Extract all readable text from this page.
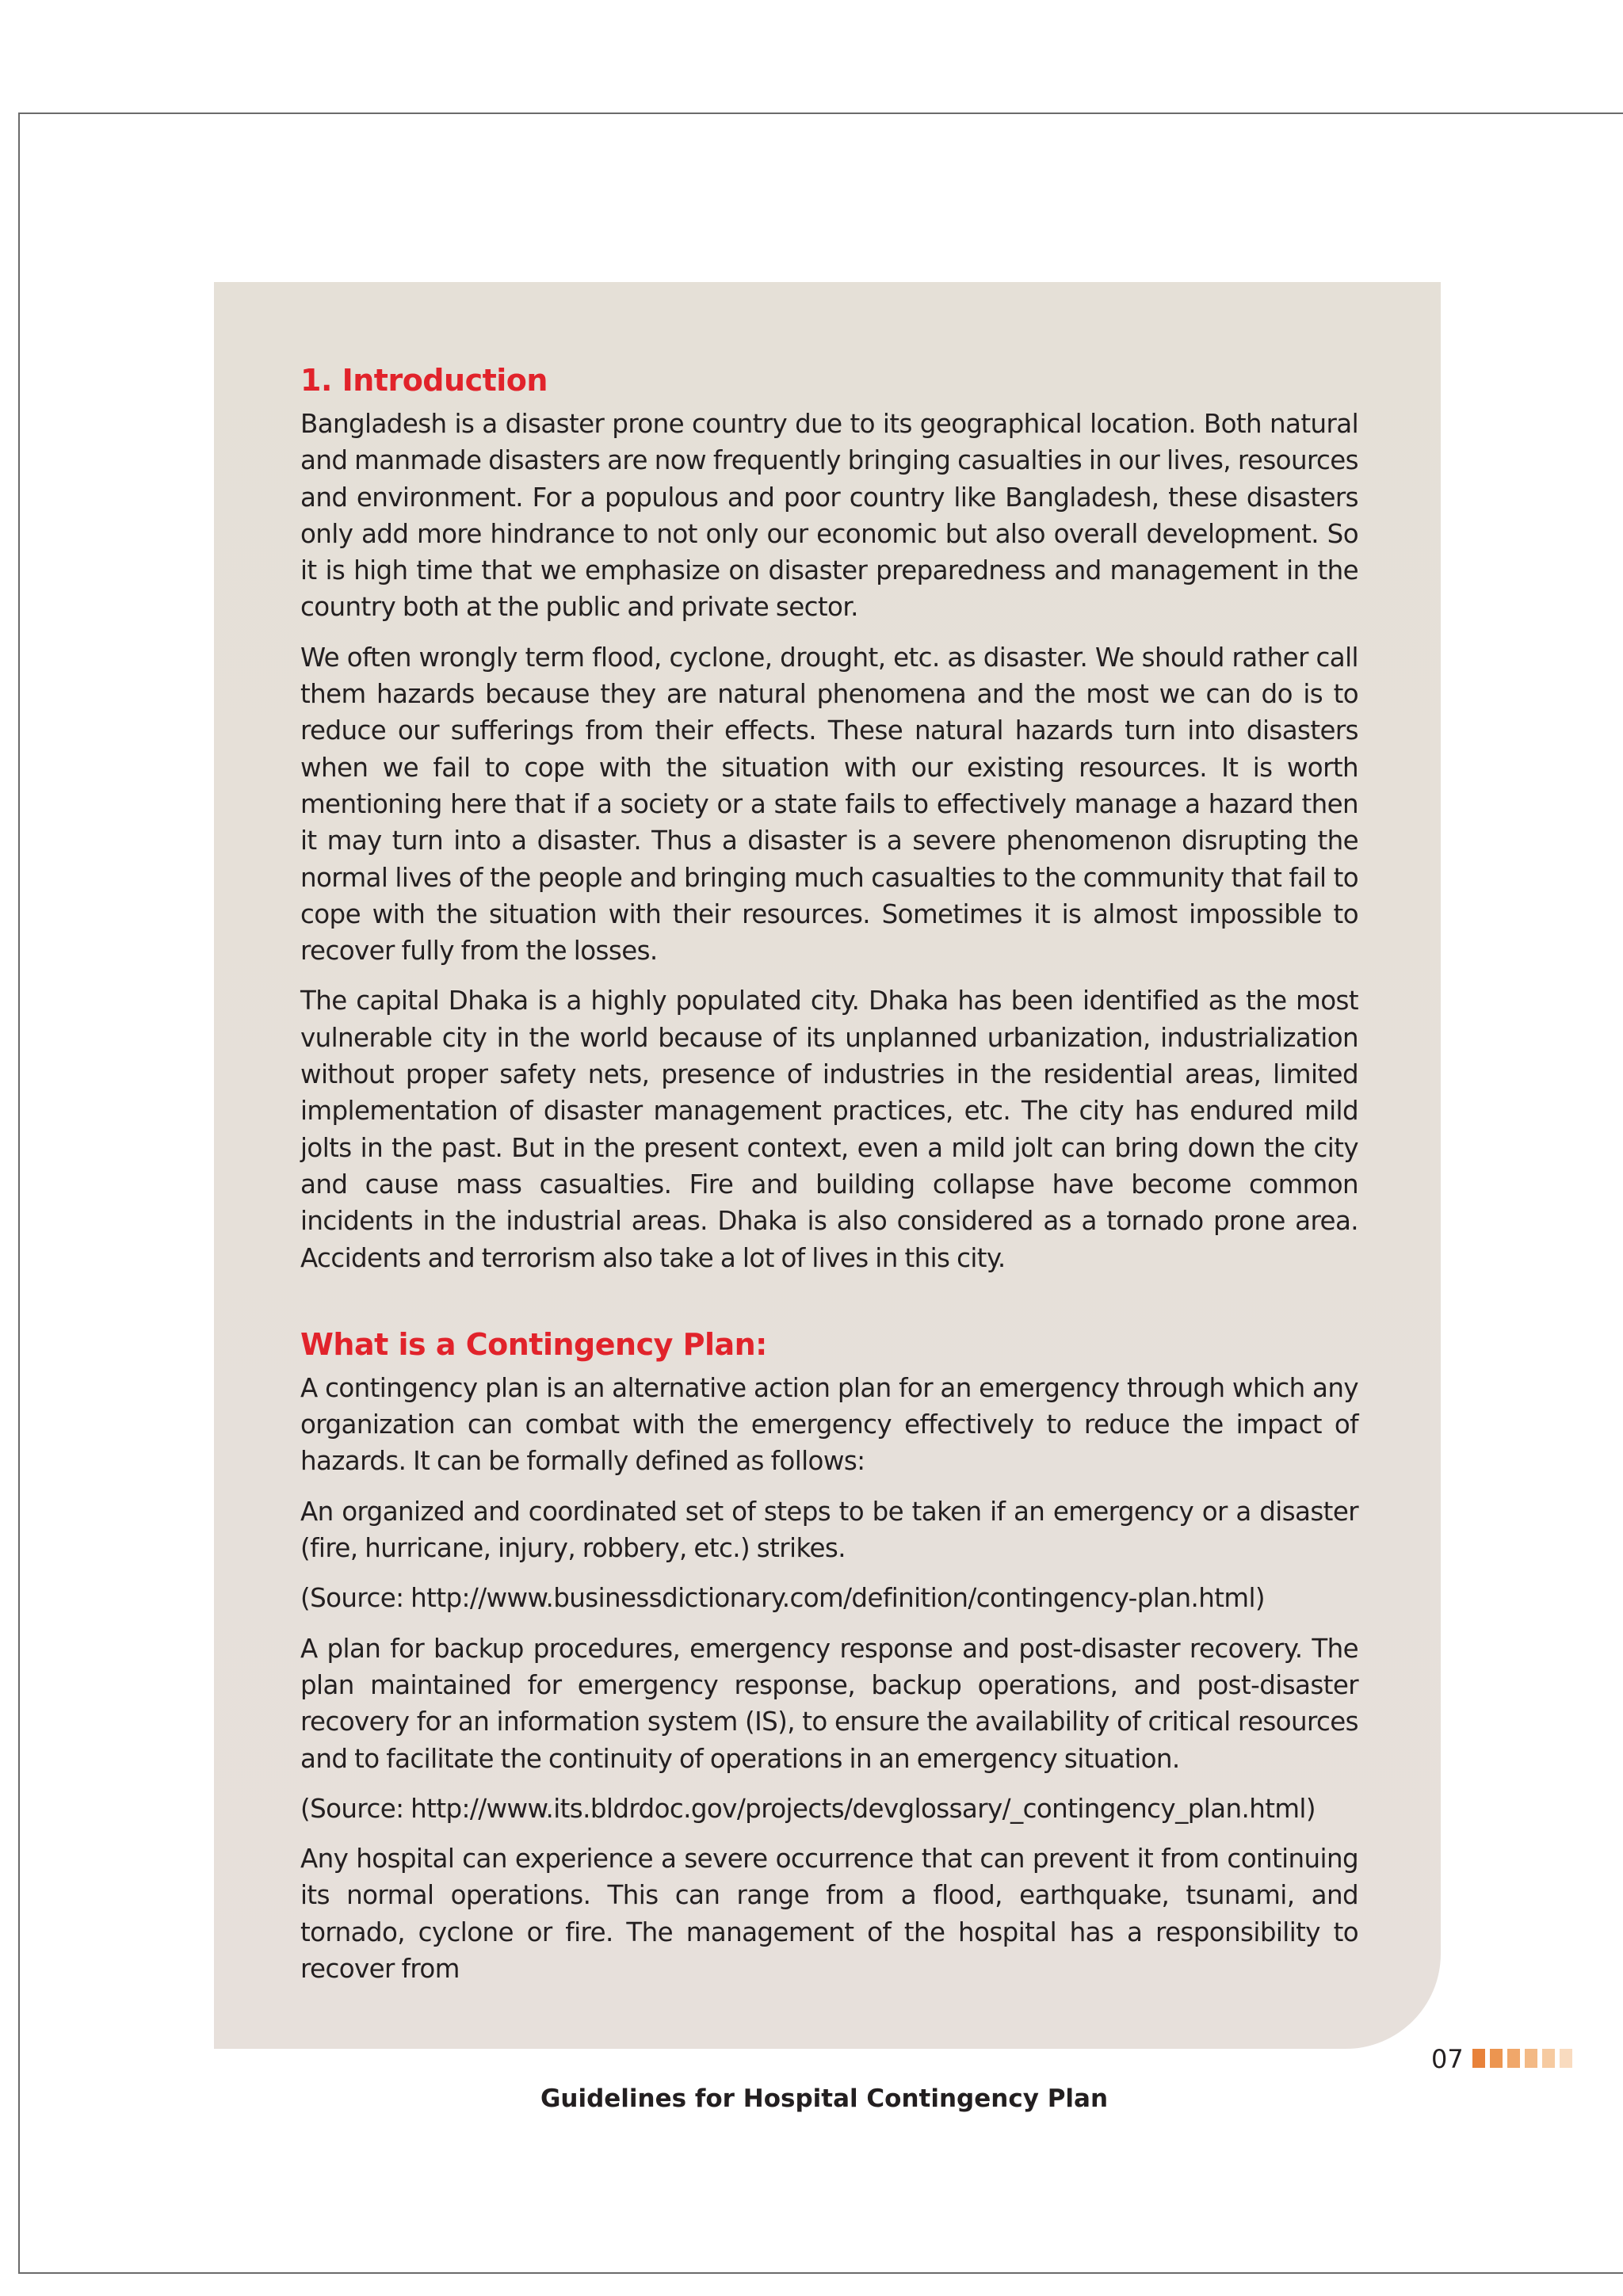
1. Introduction

Bangladesh is a disaster prone country due to its geographical location. Both natural and manmade disasters are now frequently bringing casualties in our lives, resources and environment. For a populous and poor country like Bangladesh, these disasters only add more hindrance to not only our economic but also overall development. So it is high time that we emphasize on disaster preparedness and management in the country both at the public and private sector.

We often wrongly term flood, cyclone, drought, etc. as disaster. We should rather call them hazards because they are natural phenomena and the most we can do is to reduce our sufferings from their effects. These natural hazards turn into disasters when we fail to cope with the situation with our existing resources. It is worth mentioning here that if a society or a state fails to effectively manage a hazard then it may turn into a disaster. Thus a disaster is a severe phenomenon disrupting the normal lives of the people and bringing much casualties to the community that fail to cope with the situation with their resources. Sometimes it is almost impossible to recover fully from the losses.

The capital Dhaka is a highly populated city. Dhaka has been identified as the most vulnerable city in the world because of its unplanned urbanization, industrialization without proper safety nets, presence of industries in the residential areas, limited implementation of disaster management practices, etc. The city has endured mild jolts in the past. But in the present context, even a mild jolt can bring down the city and cause mass casualties. Fire and building collapse have become common incidents in the industrial areas. Dhaka is also considered as a tornado prone area. Accidents and terrorism also take a lot of lives in this city.

What is a Contingency Plan:

A contingency plan is an alternative action plan for an emergency through which any organization can combat with the emergency effectively to reduce the impact of hazards. It can be formally defined as follows:

An organized and coordinated set of steps to be taken if an emergency or a disaster (fire, hurricane, injury, robbery, etc.) strikes.

(Source: http://www.businessdictionary.com/definition/contingency-plan.html)

A plan for backup procedures, emergency response and post-disaster recovery. The plan maintained for emergency response, backup operations, and post-disaster recovery for an information system (IS), to ensure the availability of critical resources and to facilitate the continuity of operations in an emergency situation.

(Source: http://www.its.bldrdoc.gov/projects/devglossary/_contingency_plan.html)

Any hospital can experience a severe occurrence that can prevent it from continuing its normal operations. This can range from a flood, earthquake, tsunami, and tornado, cyclone or fire. The management of the hospital has a responsibility to recover from

07
Guidelines for Hospital Contingency Plan
